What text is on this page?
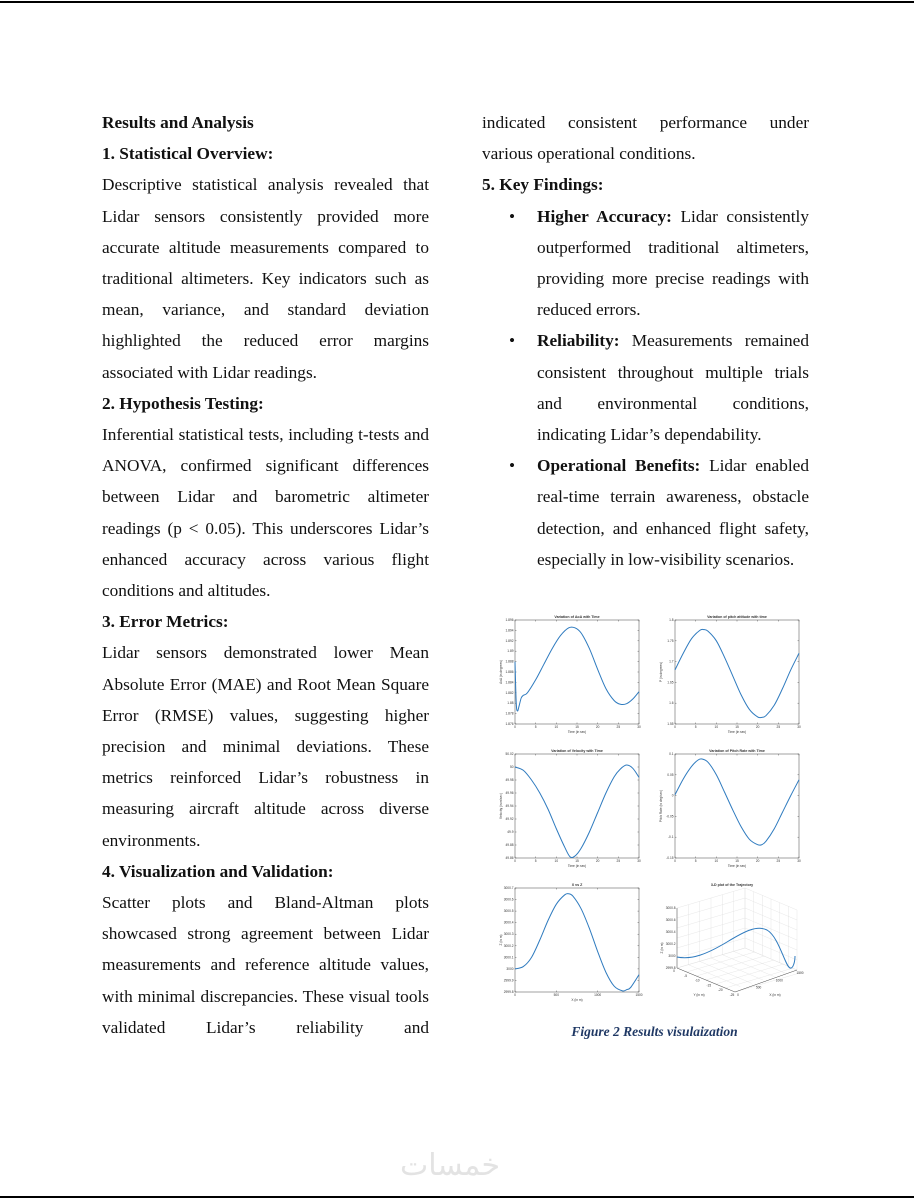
Results and Analysis

1. Statistical Overview:

Descriptive statistical analysis revealed that Lidar sensors consistently provided more accurate altitude measurements compared to traditional altimeters. Key indicators such as mean, variance, and standard deviation highlighted the reduced error margins associated with Lidar readings.

2. Hypothesis Testing:

Inferential statistical tests, including t-tests and ANOVA, confirmed significant differences between Lidar and barometric altimeter readings (p < 0.05). This underscores Lidar’s enhanced accuracy across various flight conditions and altitudes.

3. Error Metrics:

Lidar sensors demonstrated lower Mean Absolute Error (MAE) and Root Mean Square Error (RMSE) values, suggesting higher precision and minimal deviations. These metrics reinforced Lidar’s robustness in measuring aircraft altitude across diverse environments.

4. Visualization and Validation:

Scatter plots and Bland-Altman plots showcased strong agreement between Lidar measurements and reference altitude values, with minimal discrepancies. These visual tools validated Lidar’s reliability and

indicated consistent performance under various operational conditions.

5. Key Findings:

• Higher Accuracy: Lidar consistently outperformed traditional altimeters, providing more precise readings with reduced errors.
• Reliability: Measurements remained consistent throughout multiple trials and environmental conditions, indicating Lidar’s dependability.
• Operational Benefits: Lidar enabled real-time terrain awareness, obstacle detection, and enhanced flight safety, especially in low-visibility scenarios.
Variation of AoA with Time
0	5	10	15	20	25	30
1.876
1.878
1.88
1.882
1.884
1.886
1.888
1.89
1.892
1.894
1.896
Time (in sec)
AoA (in degrees)
Variation of pitch attitude with time
0	5	10	15	20	25	30
1.55
1.6
1.65
1.7
1.75
1.8
Time (in sec)
P (in degrees)
Variation of Velocity with Time
0	5	10	15	20	25	30
49.86
49.88
49.9
49.92
49.94
49.96
49.98
50
50.02
Time (in sec)
Velocity (in m/sec)
Variation of Pitch Rate with Time
0	5	10	15	20	25	30
-0.15
-0.1
-0.05
0
0.05
0.1
Time (in sec)
Pitch Rate (in deg/sec)
X vs Z
0	500	1000	1500
2999.8
2999.9
3000
3000.1
3000.2
3000.3
3000.4
3000.5
3000.6
3000.7
X (in m)
Z (in m)
3-D plot of the Trajectory
2999.8
3000
3000.2
3000.4
3000.6
3000.8
0
-5
-10
-15
-20
-25 0
500
1000
1500
Z (in m)
Y (in m)	X (in m)
Figure 2 Results visulaization
خمسات
